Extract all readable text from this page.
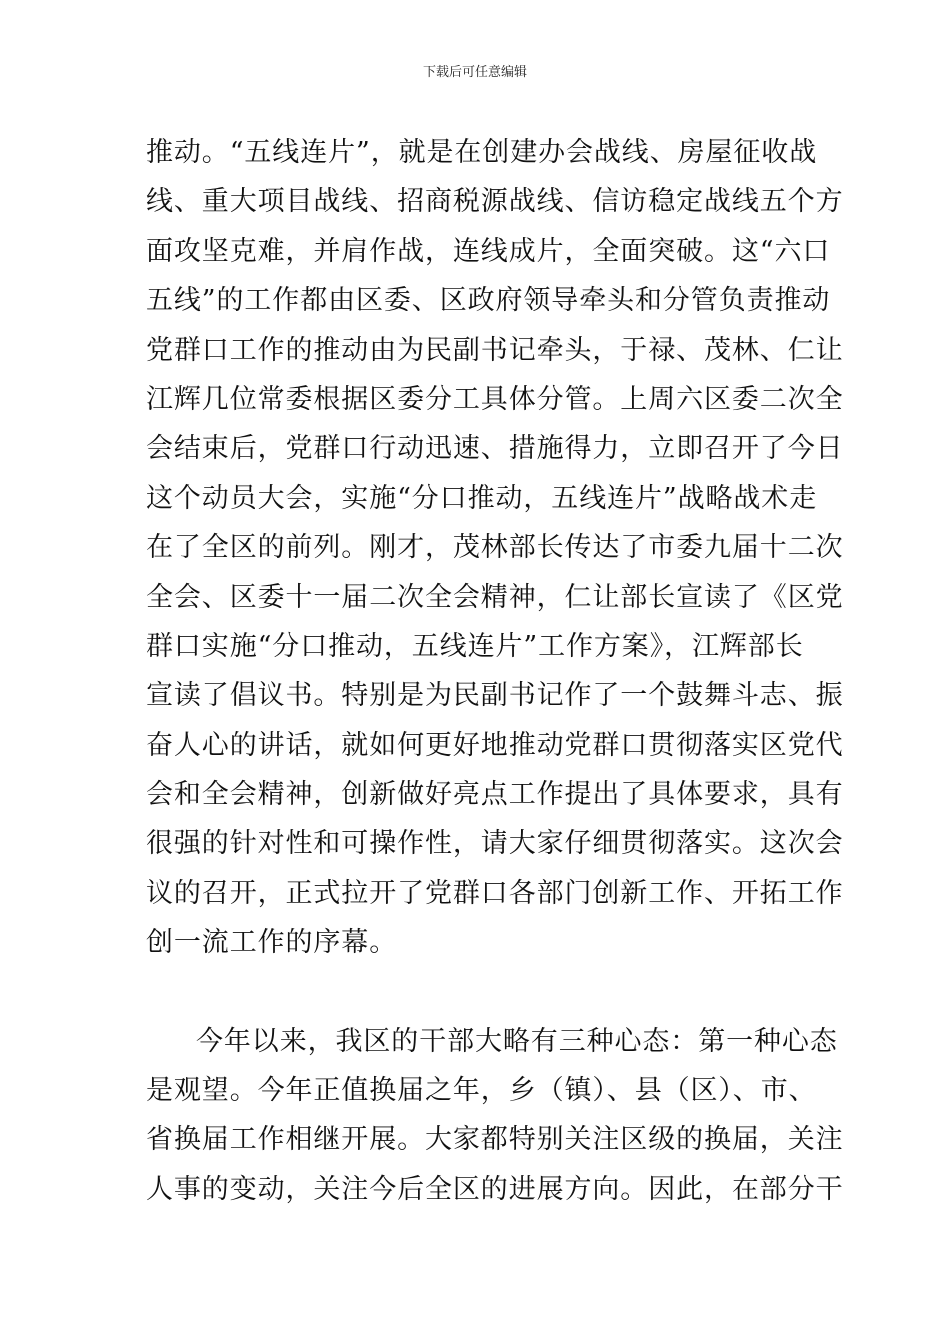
下载后可任意编辑
推动。“五线连片”，就是在创建办会战线、房屋征收战
线、重大项目战线、招商税源战线、信访稳定战线五个方
面攻坚克难，并肩作战，连线成片，全面突破。这“六口
五线”的工作都由区委、区政府领导牵头和分管负责推动
党群口工作的推动由为民副书记牵头，于禄、茂林、仁让
江辉几位常委根据区委分工具体分管。上周六区委二次全
会结束后，党群口行动迅速、措施得力，立即召开了今日
这个动员大会，实施“分口推动，五线连片”战略战术走
在了全区的前列。刚才，茂林部长传达了市委九届十二次
全会、区委十一届二次全会精神，仁让部长宣读了《区党
群口实施“分口推动，五线连片”工作方案》，江辉部长
宣读了倡议书。特别是为民副书记作了一个鼓舞斗志、振
奋人心的讲话，就如何更好地推动党群口贯彻落实区党代
会和全会精神，创新做好亮点工作提出了具体要求，具有
很强的针对性和可操作性，请大家仔细贯彻落实。这次会
议的召开，正式拉开了党群口各部门创新工作、开拓工作
创一流工作的序幕。
今年以来，我区的干部大略有三种心态：第一种心态
是观望。今年正值换届之年，乡（镇）、县（区）、市、
省换届工作相继开展。大家都特别关注区级的换届，关注
人事的变动，关注今后全区的进展方向。因此，在部分干
